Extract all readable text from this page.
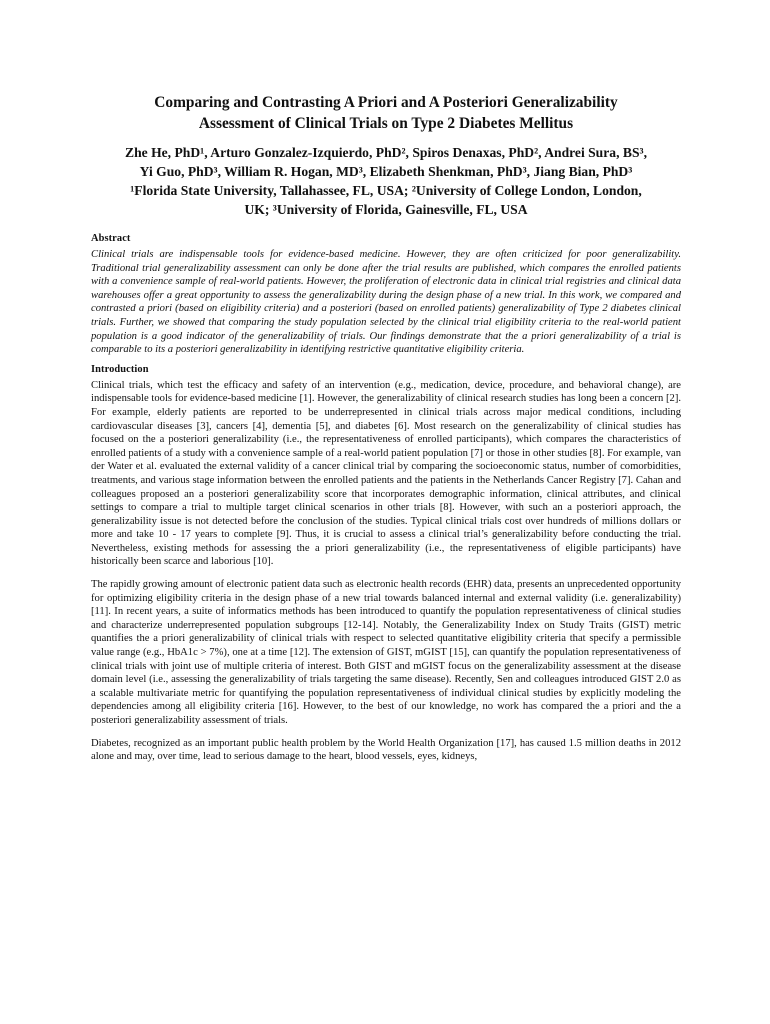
Comparing and Contrasting A Priori and A Posteriori Generalizability
Assessment of Clinical Trials on Type 2 Diabetes Mellitus
Zhe He, PhD¹, Arturo Gonzalez-Izquierdo, PhD², Spiros Denaxas, PhD², Andrei Sura, BS³,
Yi Guo, PhD³, William R. Hogan, MD³, Elizabeth Shenkman, PhD³, Jiang Bian, PhD³
¹Florida State University, Tallahassee, FL, USA; ²University of College London, London,
UK; ³University of Florida, Gainesville, FL, USA
Abstract

Clinical trials are indispensable tools for evidence-based medicine. However, they are often criticized for poor generalizability. Traditional trial generalizability assessment can only be done after the trial results are published, which compares the enrolled patients with a convenience sample of real-world patients. However, the proliferation of electronic data in clinical trial registries and clinical data warehouses offer a great opportunity to assess the generalizability during the design phase of a new trial. In this work, we compared and contrasted a priori (based on eligibility criteria) and a posteriori (based on enrolled patients) generalizability of Type 2 diabetes clinical trials. Further, we showed that comparing the study population selected by the clinical trial eligibility criteria to the real-world patient population is a good indicator of the generalizability of trials. Our findings demonstrate that the a priori generalizability of a trial is comparable to its a posteriori generalizability in identifying restrictive quantitative eligibility criteria.

Introduction

Clinical trials, which test the efficacy and safety of an intervention (e.g., medication, device, procedure, and behavioral change), are indispensable tools for evidence-based medicine [1]. However, the generalizability of clinical research studies has long been a concern [2]. For example, elderly patients are reported to be underrepresented in clinical trials across major medical conditions, including cardiovascular diseases [3], cancers [4], dementia [5], and diabetes [6]. Most research on the generalizability of clinical studies has focused on the a posteriori generalizability (i.e., the representativeness of enrolled participants), which compares the characteristics of enrolled patients of a study with a convenience sample of a real-world patient population [7] or those in other studies [8]. For example, van der Water et al. evaluated the external validity of a cancer clinical trial by comparing the socioeconomic status, number of comorbidities, treatments, and various stage information between the enrolled patients and the patients in the Netherlands Cancer Registry [7]. Cahan and colleagues proposed an a posteriori generalizability score that incorporates demographic information, clinical attributes, and clinical settings to compare a trial to multiple target clinical scenarios in other trials [8]. However, with such an a posteriori approach, the generalizability issue is not detected before the conclusion of the studies. Typical clinical trials cost over hundreds of millions dollars or more and take 10 - 17 years to complete [9]. Thus, it is crucial to assess a clinical trial’s generalizability before conducting the trial. Nevertheless, existing methods for assessing the a priori generalizability (i.e., the representativeness of eligible participants) have historically been scarce and laborious [10].

The rapidly growing amount of electronic patient data such as electronic health records (EHR) data, presents an unprecedented opportunity for optimizing eligibility criteria in the design phase of a new trial towards balanced internal and external validity (i.e. generalizability) [11]. In recent years, a suite of informatics methods has been introduced to quantify the population representativeness of clinical studies and characterize underrepresented population subgroups [12-14]. Notably, the Generalizability Index on Study Traits (GIST) metric quantifies the a priori generalizability of clinical trials with respect to selected quantitative eligibility criteria that specify a permissible value range (e.g., HbA1c > 7%), one at a time [12]. The extension of GIST, mGIST [15], can quantify the population representativeness of clinical trials with joint use of multiple criteria of interest. Both GIST and mGIST focus on the generalizability assessment at the disease domain level (i.e., assessing the generalizability of trials targeting the same disease). Recently, Sen and colleagues introduced GIST 2.0 as a scalable multivariate metric for quantifying the population representativeness of individual clinical studies by explicitly modeling the dependencies among all eligibility criteria [16]. However, to the best of our knowledge, no work has compared the a priori and the a posteriori generalizability assessment of trials.

Diabetes, recognized as an important public health problem by the World Health Organization [17], has caused 1.5 million deaths in 2012 alone and may, over time, lead to serious damage to the heart, blood vessels, eyes, kidneys,
